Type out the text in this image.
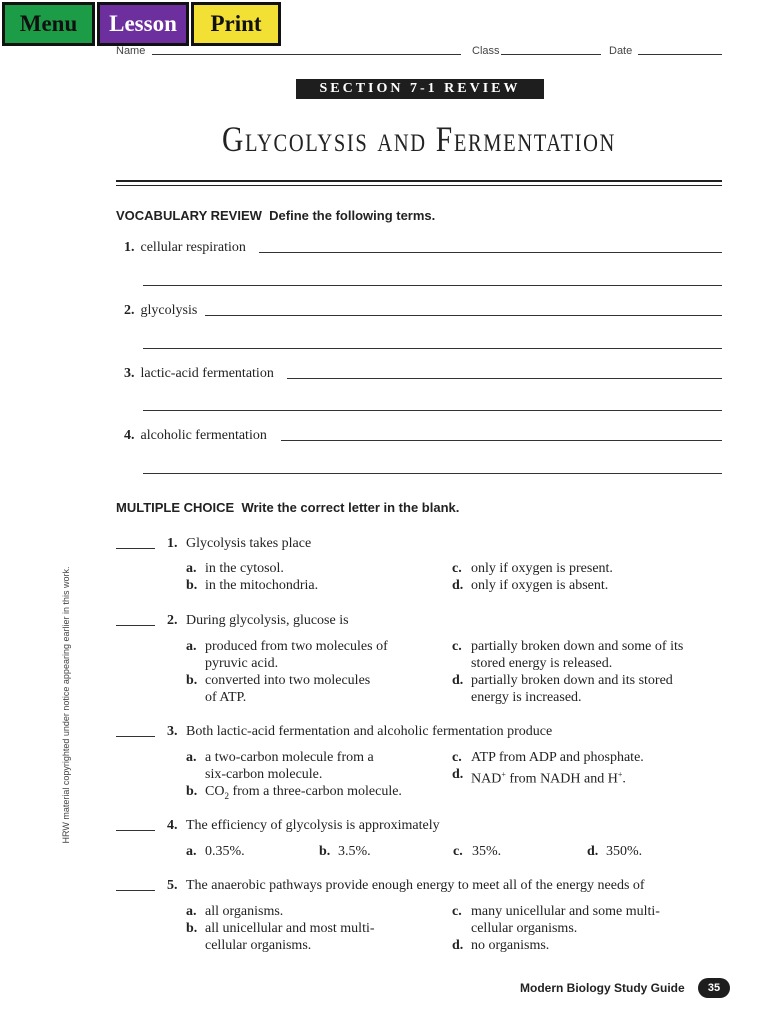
Menu	Lesson	Print
Name	Class	Date
SECTION 7-1 REVIEW
Glycolysis and Fermentation
VOCABULARY REVIEW Define the following terms.
1. cellular respiration
2. glycolysis
3. lactic-acid fermentation
4. alcoholic fermentation
MULTIPLE CHOICE Write the correct letter in the blank.
1. Glycolysis takes place
a. in the cytosol.
b. in the mitochondria.
c. only if oxygen is present.
d. only if oxygen is absent.
2. During glycolysis, glucose is
a. produced from two molecules of
pyruvic acid.
b. converted into two molecules
of ATP.
c. partially broken down and some of its
stored energy is released.
d. partially broken down and its stored
energy is increased.
3. Both lactic-acid fermentation and alcoholic fermentation produce
a. a two-carbon molecule from a
six-carbon molecule.
b. $CO_2$ from a three-carbon molecule.
c. ATP from ADP and phosphate.
d. NAD+ from NADH and H+.
4. The efficiency of glycolysis is approximately
a. 0.35%.	b. 3.5%.	c. 35%.	d. 350%.
5. The anaerobic pathways provide enough energy to meet all of the energy needs of
a. all organisms.
b. all unicellular and most multi-
cellular organisms.
c. many unicellular and some multi-
cellular organisms.
d. no organisms.
HRW material copyrighted under notice appearing earlier in this work.
Modern Biology Study Guide	35
